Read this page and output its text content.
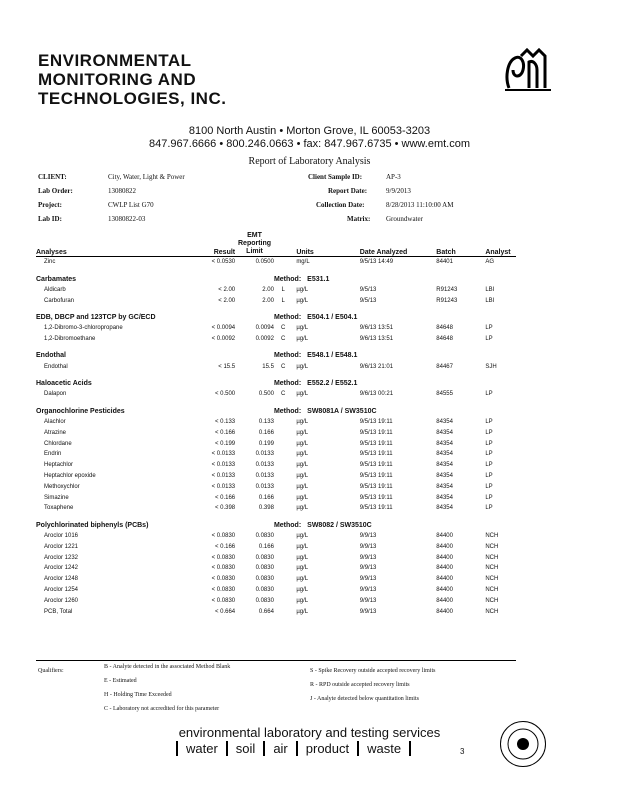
ENVIRONMENTAL
MONITORING AND
TECHNOLOGIES, INC.
8100 North Austin • Morton Grove, IL 60053-3203
847.967.6666 • 800.246.0663 • fax: 847.967.6735 • www.emt.com
Report of Laboratory Analysis
CLIENT:	City, Water, Light & Power
Lab Order:	13080822
Project:	CWLP List G70
Lab ID:	13080822-03
Client Sample ID:	AP-3
Report Date:	9/9/2013
Collection Date:	8/28/2013 11:10:00 AM
Matrix: Groundwater
Analyses	Result	EMT Reporting Limit		Units	Date Analyzed	Batch	Analyst
Zinc	< 0.0530	0.0500		mg/L	9/5/13 14:49	84401	AG
Carbamates			Method: E531.1				
Aldicarb	< 2.00	2.00	L	µg/L	9/5/13	R91243	LBI
Carbofuran	< 2.00	2.00	L	µg/L	9/5/13	R91243	LBI
EDB, DBCP and 123TCP by GC/ECD			Method: E504.1 / E504.1				
1,2-Dibromo-3-chloropropane	< 0.0094	0.0094	C	µg/L	9/6/13 13:51	84648	LP
1,2-Dibromoethane	< 0.0092	0.0092	C	µg/L	9/6/13 13:51	84648	LP
Endothal			Method: E548.1 / E548.1				
Endothal	< 15.5	15.5	C	µg/L	9/6/13 21:01	84467	SJH
Haloacetic Acids			Method: E552.2 / E552.1				
Dalapon	< 0.500	0.500	C	µg/L	9/6/13 00:21	84555	LP
Organochlorine Pesticides			Method: SW8081A / SW3510C				
Alachlor	< 0.133	0.133		µg/L	9/5/13 19:11	84354	LP
Atrazine	< 0.166	0.166		µg/L	9/5/13 19:11	84354	LP
Chlordane	< 0.199	0.199		µg/L	9/5/13 19:11	84354	LP
Endrin	< 0.0133	0.0133		µg/L	9/5/13 19:11	84354	LP
Heptachlor	< 0.0133	0.0133		µg/L	9/5/13 19:11	84354	LP
Heptachlor epoxide	< 0.0133	0.0133		µg/L	9/5/13 19:11	84354	LP
Methoxychlor	< 0.0133	0.0133		µg/L	9/5/13 19:11	84354	LP
Simazine	< 0.166	0.166		µg/L	9/5/13 19:11	84354	LP
Toxaphene	< 0.398	0.398		µg/L	9/5/13 19:11	84354	LP
Polychlorinated biphenyls (PCBs)			Method: SW8082 / SW3510C				
Aroclor 1016	< 0.0830	0.0830		µg/L	9/9/13	84400	NCH
Aroclor 1221	< 0.166	0.166		µg/L	9/9/13	84400	NCH
Aroclor 1232	< 0.0830	0.0830		µg/L	9/9/13	84400	NCH
Aroclor 1242	< 0.0830	0.0830		µg/L	9/9/13	84400	NCH
Aroclor 1248	< 0.0830	0.0830		µg/L	9/9/13	84400	NCH
Aroclor 1254	< 0.0830	0.0830		µg/L	9/9/13	84400	NCH
Aroclor 1260	< 0.0830	0.0830		µg/L	9/9/13	84400	NCH
PCB, Total	< 0.664	0.664		µg/L	9/9/13	84400	NCH
Qualifiers:
B - Analyte detected in the associated Method Blank
E - Estimated
H - Holding Time Exceeded
C - Laboratory not accredited for this parameter
S - Spike Recovery outside accepted recovery limits
R - RPD outside accepted recovery limits
J - Analyte detected below quantitation limits
environmental laboratory and testing services
water soil air product waste	3
